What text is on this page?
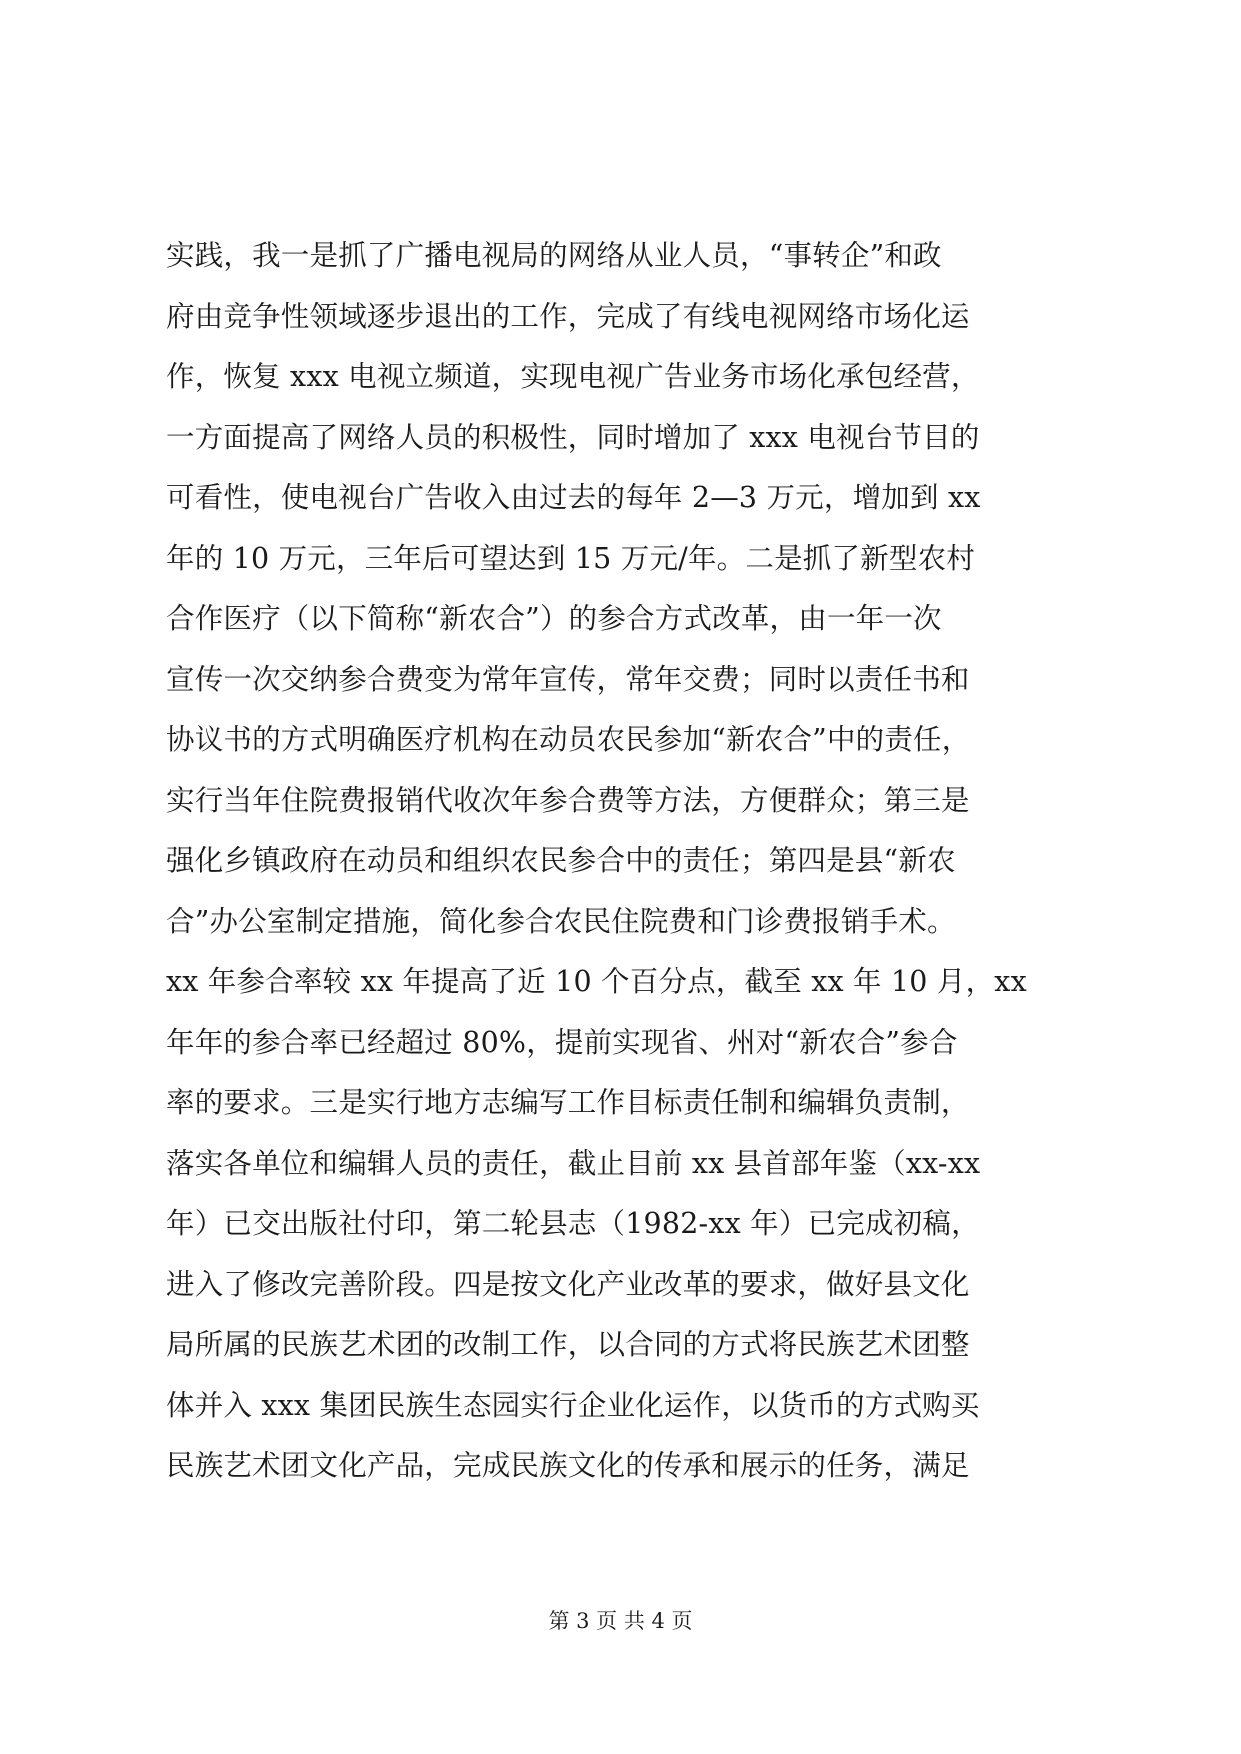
实践，我一是抓了广播电视局的网络从业人员，“事转企”和政
府由竞争性领域逐步退出的工作，完成了有线电视网络市场化运
作，恢复 xxx 电视立频道，实现电视广告业务市场化承包经营，
一方面提高了网络人员的积极性，同时增加了 xxx 电视台节目的
可看性，使电视台广告收入由过去的每年 2—3 万元，增加到 xx
年的 10 万元，三年后可望达到 15 万元/年。二是抓了新型农村
合作医疗（以下简称“新农合”）的参合方式改革，由一年一次
宣传一次交纳参合费变为常年宣传，常年交费；同时以责任书和
协议书的方式明确医疗机构在动员农民参加“新农合”中的责任，
实行当年住院费报销代收次年参合费等方法，方便群众；第三是
强化乡镇政府在动员和组织农民参合中的责任；第四是县“新农
合”办公室制定措施，简化参合农民住院费和门诊费报销手术。
xx 年参合率较 xx 年提高了近 10 个百分点，截至 xx 年 10 月，xx
年年的参合率已经超过 80%，提前实现省、州对“新农合”参合
率的要求。三是实行地方志编写工作目标责任制和编辑负责制，
落实各单位和编辑人员的责任，截止目前 xx 县首部年鉴（xx-xx
年）已交出版社付印，第二轮县志（1982-xx 年）已完成初稿，
进入了修改完善阶段。四是按文化产业改革的要求，做好县文化
局所属的民族艺术团的改制工作，以合同的方式将民族艺术团整
体并入 xxx 集团民族生态园实行企业化运作，以货币的方式购买
民族艺术团文化产品，完成民族文化的传承和展示的任务，满足
第 3 页 共 4 页
